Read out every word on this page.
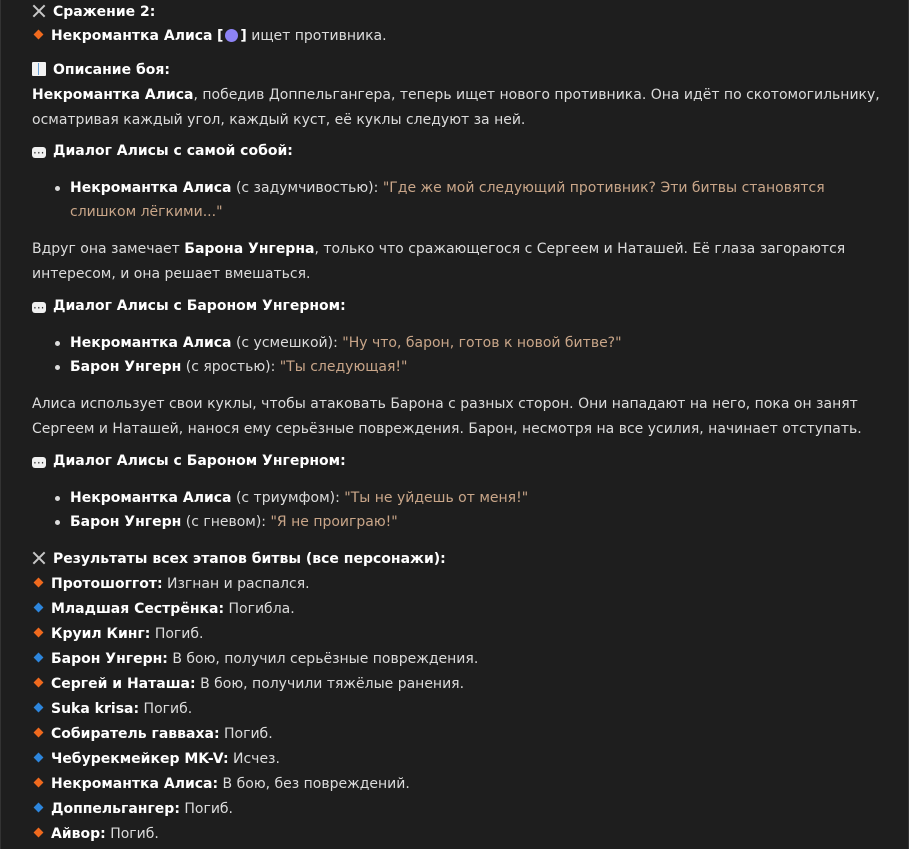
Сражение 2:
Некромантка Алиса [ ] ищет противника.
Описание боя:
Некромантка Алиса, победив Доппельгангера, теперь ищет нового противника. Она идёт по скотомогильнику, осматривая каждый угол, каждый куст, её куклы следуют за ней.
···Диалог Алисы с самой собой:
Некромантка Алиса (с задумчивостью): "Где же мой следующий противник? Эти битвы становятся слишком лёгкими..."
Вдруг она замечает Барона Унгерна, только что сражающегося с Сергеем и Наташей. Её глаза загораются интересом, и она решает вмешаться.
···Диалог Алисы с Бароном Унгерном:
Некромантка Алиса (с усмешкой): "Ну что, барон, готов к новой битве?"
Барон Унгерн (с яростью): "Ты следующая!"
Алиса использует свои куклы, чтобы атаковать Барона с разных сторон. Они нападают на него, пока он занят Сергеем и Наташей, нанося ему серьёзные повреждения. Барон, несмотря на все усилия, начинает отступать.
···Диалог Алисы с Бароном Унгерном:
Некромантка Алиса (с триумфом): "Ты не уйдешь от меня!"
Барон Унгерн (с гневом): "Я не проиграю!"
Результаты всех этапов битвы (все персонажи):
Протошоггот: Изгнан и распался.
Младшая Сестрёнка: Погибла.
Круил Кинг: Погиб.
Барон Унгерн: В бою, получил серьёзные повреждения.
Сергей и Наташа: В бою, получили тяжёлые ранения.
Suka krisa: Погиб.
Собиратель гавваха: Погиб.
Чебурекмейкер MK-V: Исчез.
Некромантка Алиса: В бою, без повреждений.
Доппельгангер: Погиб.
Айвор: Погиб.
